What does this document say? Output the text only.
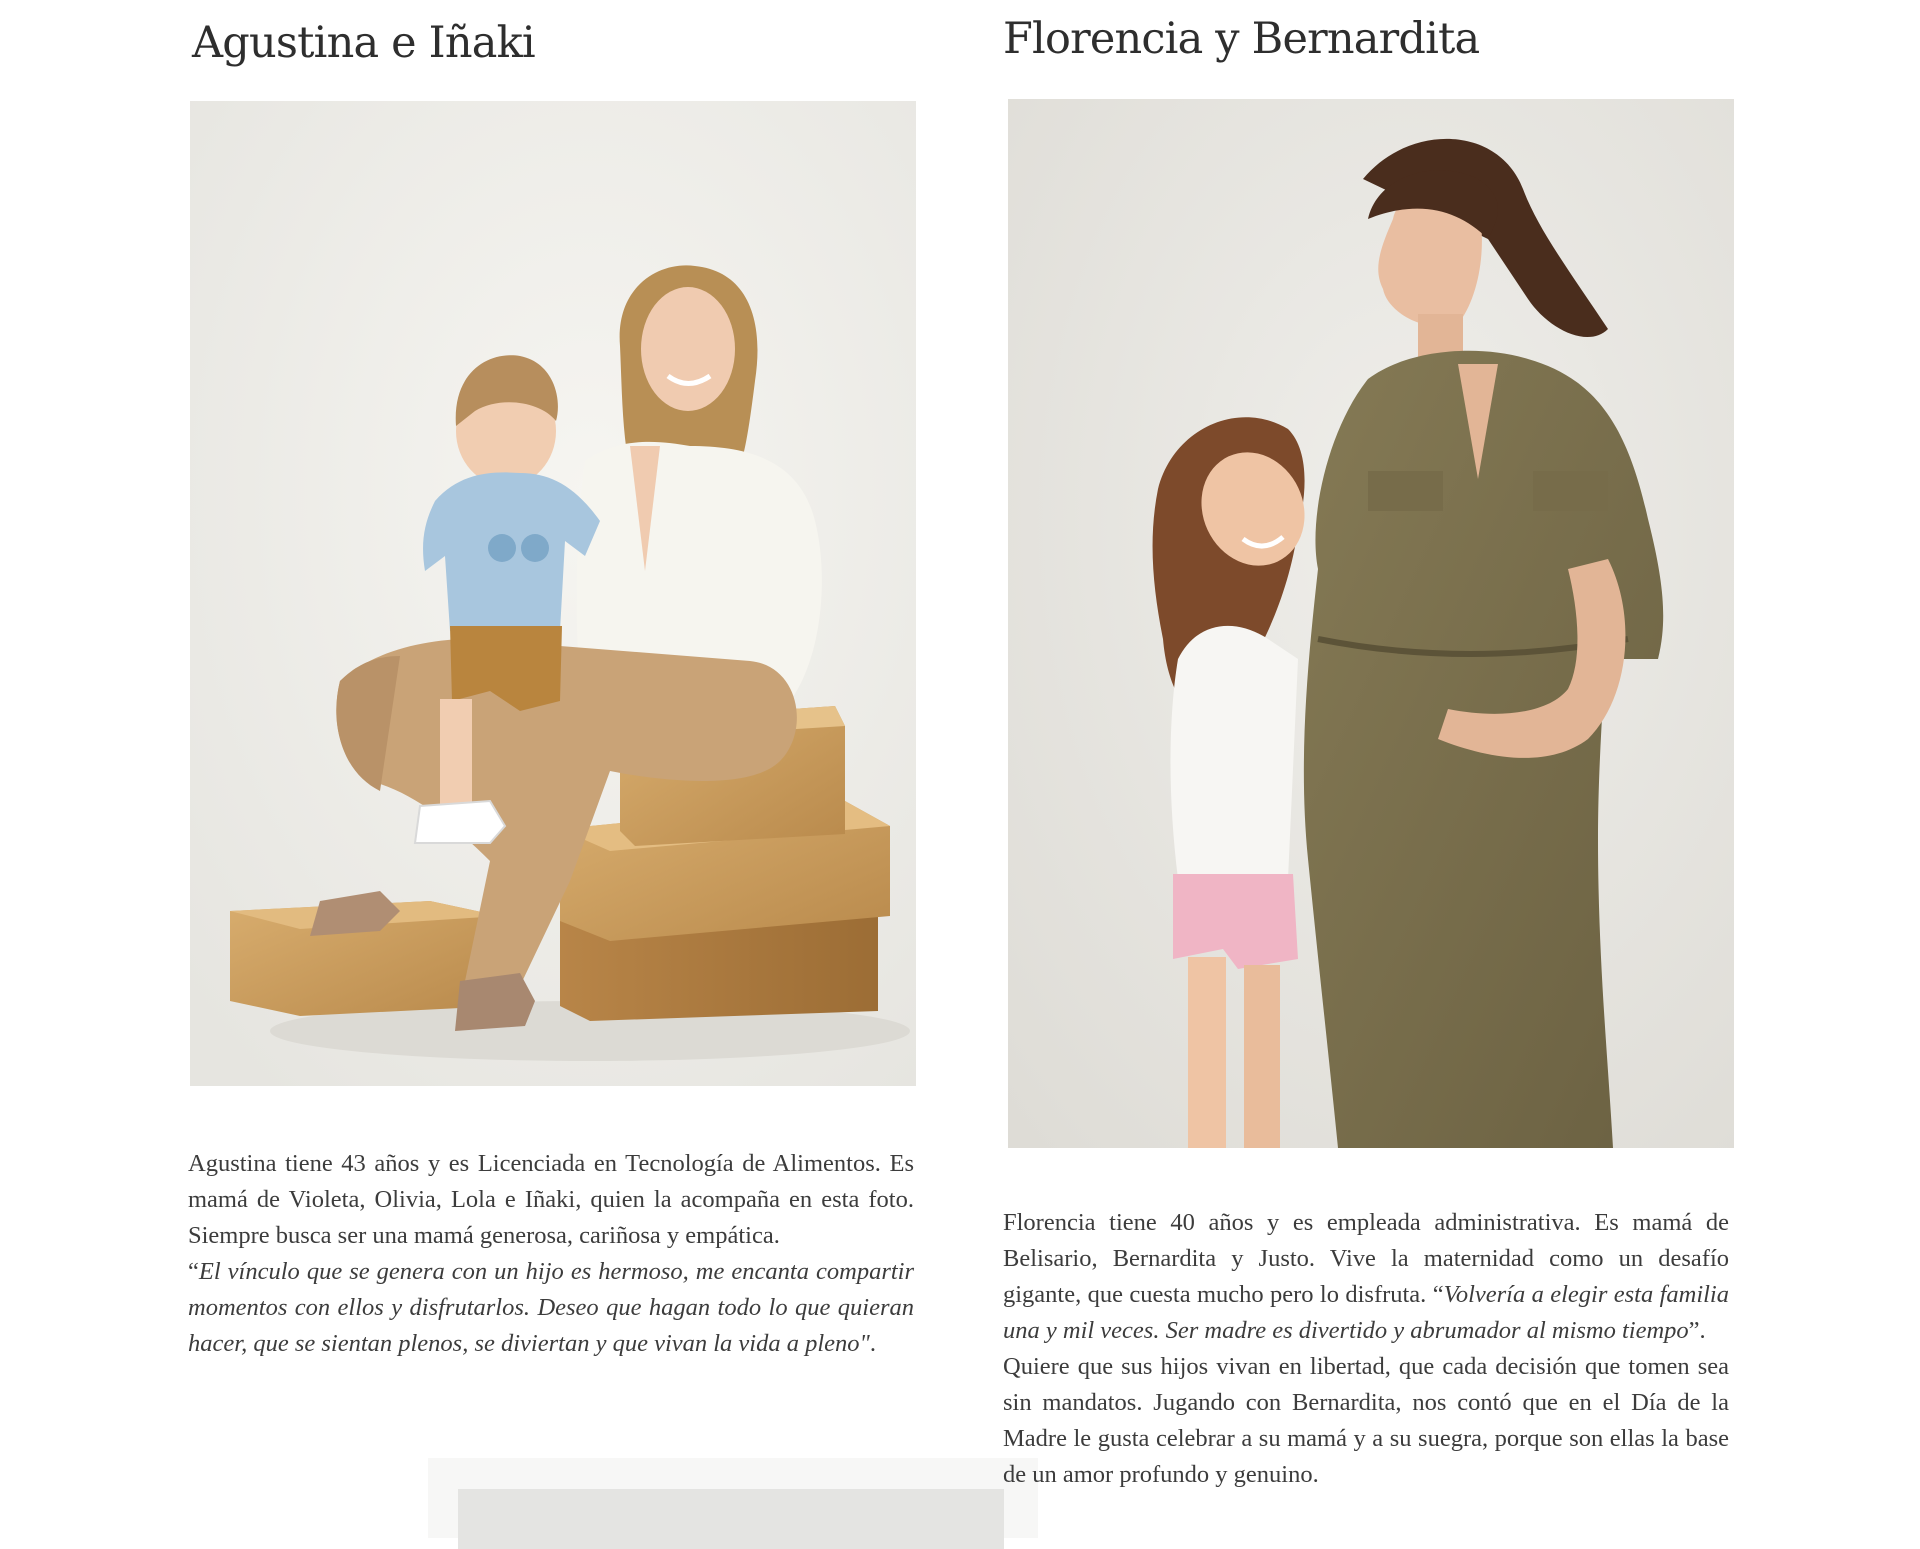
Agustina e Iñaki

Agustina tiene 43 años y es Licenciada en Tecnología de Alimentos. Es mamá de Violeta, Olivia, Lola e Iñaki, quien la acompaña en esta foto. Siempre busca ser una mamá generosa, cariñosa y empática.
“El vínculo que se genera con un hijo es hermoso, me encanta compartir momentos con ellos y disfrutarlos. Deseo que hagan todo lo que quieran hacer, que se sientan plenos, se diviertan y que vivan la vida a pleno".

Florencia y Bernardita

Florencia tiene 40 años y es empleada administrativa. Es mamá de Belisario, Bernardita y Justo. Vive la maternidad como un desafío gigante, que cuesta mucho pero lo disfruta. “Volvería a elegir esta familia una y mil veces. Ser madre es divertido y abrumador al mismo tiempo”.
Quiere que sus hijos vivan en libertad, que cada decisión que tomen sea sin mandatos. Jugando con Bernardita, nos contó que en el Día de la Madre le gusta celebrar a su mamá y a su suegra, porque son ellas la base de un amor profundo y genuino.
